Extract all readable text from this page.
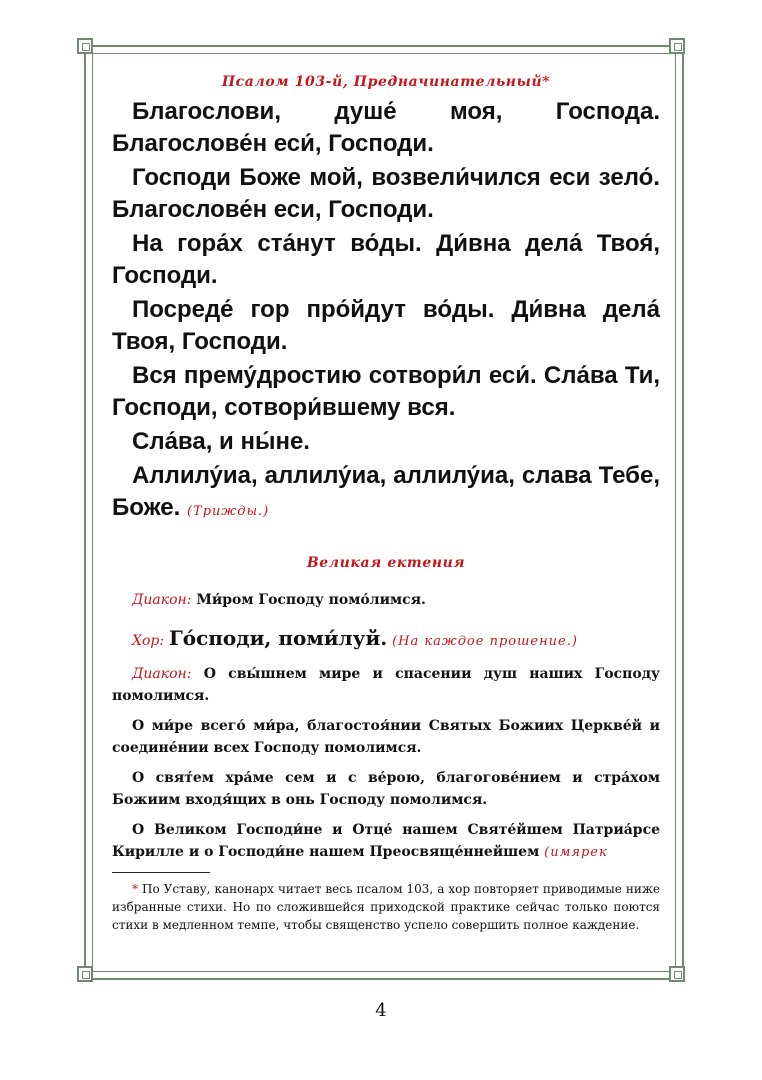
Псалом 103-й, Предначинательный*

Благослови, душе́ моя, Господа. Благослове́н еси́, Господи.

Господи Боже мой, возвели́чился еси зело́. Благослове́н еси, Господи.

На гора́х ста́нут во́ды. Ди́вна дела́ Твоя́, Господи.

Посреде́ гор про́йдут во́ды. Ди́вна дела́ Твоя, Господи.

Вся прему́дростию сотвори́л еси́. Сла́ва Ти, Господи, сотвори́вшему вся.

Сла́ва, и ны́не.

Аллилу́иа, аллилу́иа, аллилу́иа, слава Тебе, Боже. (Трижды.)

Великая ектения

Диакон: Ми́ром Господу помо́лимся.

Хор: Го́споди, поми́луй. (На каждое прошение.)

Диакон: О свы́шнем мире и спасении душ наших Господу помолимся.

О ми́ре всего́ ми́ра, благостоя́нии Святых Божиих Церкве́й и соедине́нии всех Господу помолимся.

О свят́ем хра́ме сем и с ве́рою, благогове́нием и стра́хом Божиим входя́щих в онь Господу помолимся.

О Великом Господи́не и Отце́ нашем Святе́йшем Патриа́рсе Кирилле и о Господи́не нашем Преосвяще́ннейшем (имярек

* По Уставу, канонарх читает весь псалом 103, а хор повторяет приводимые ниже избранные стихи. Но по сложившейся приходской практике сейчас только поются стихи в медленном темпе, чтобы священство успело совершить полное каждение.

4
